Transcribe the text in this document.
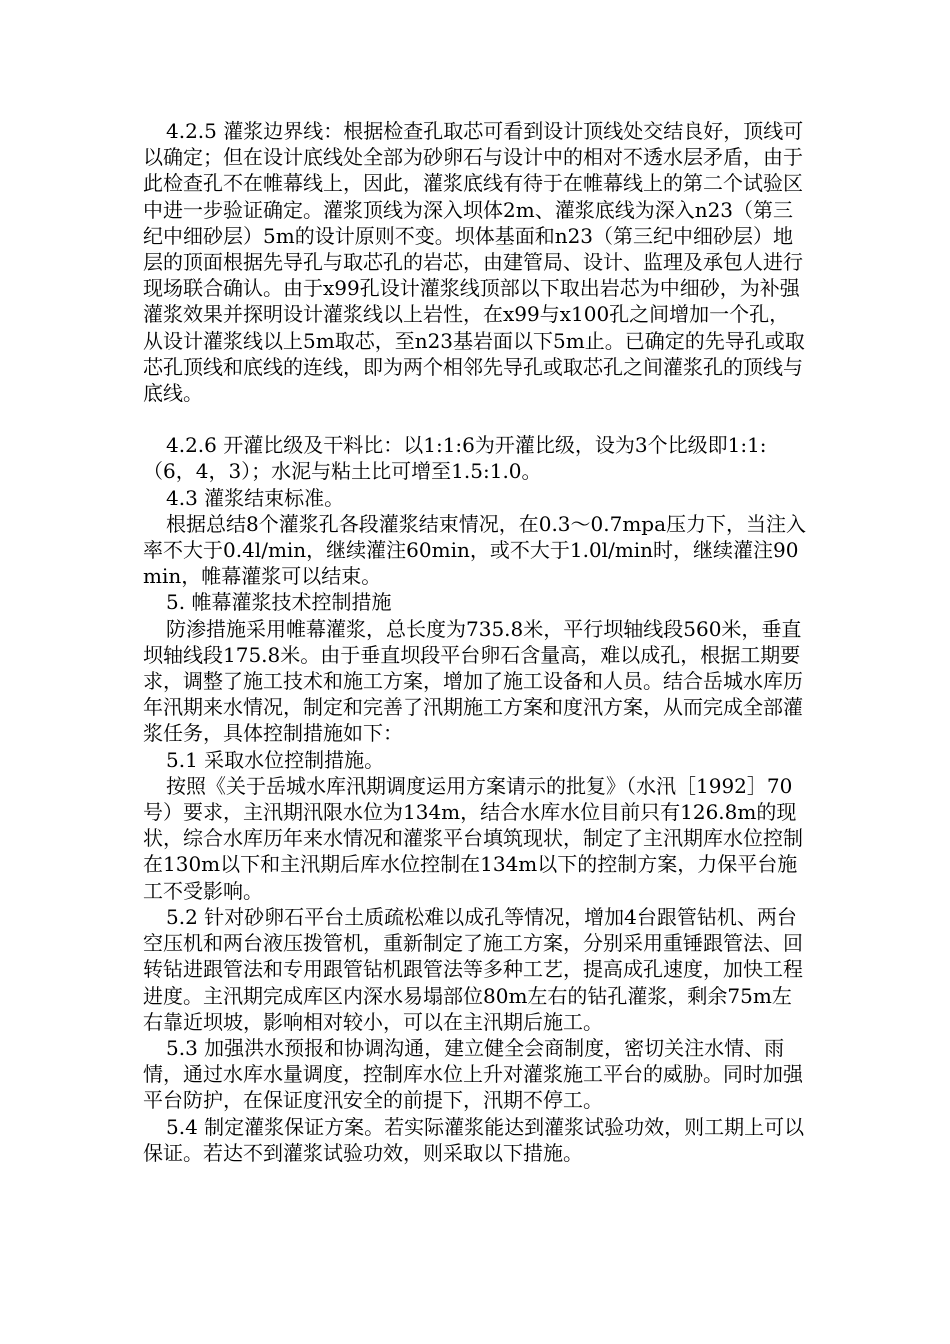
4.2.5 灌浆边界线：根据检查孔取芯可看到设计顶线处交结良好，顶线可以确定；但在设计底线处全部为砂卵石与设计中的相对不透水层矛盾，由于此检查孔不在帷幕线上，因此，灌浆底线有待于在帷幕线上的第二个试验区中进一步验证确定。灌浆顶线为深入坝体2m、灌浆底线为深入n23（第三纪中细砂层）5m的设计原则不变。坝体基面和n23（第三纪中细砂层）地层的顶面根据先导孔与取芯孔的岩芯，由建管局、设计、监理及承包人进行现场联合确认。由于x99孔设计灌浆线顶部以下取出岩芯为中细砂，为补强灌浆效果并探明设计灌浆线以上岩性，在x99与x100孔之间增加一个孔，从设计灌浆线以上5m取芯，至n23基岩面以下5m止。已确定的先导孔或取芯孔顶线和底线的连线，即为两个相邻先导孔或取芯孔之间灌浆孔的顶线与底线。

4.2.6 开灌比级及干料比：以1:1:6为开灌比级，设为3个比级即1:1:（6，4，3）；水泥与粘土比可增至1.5:1.0。

4.3 灌浆结束标准。

根据总结8个灌浆孔各段灌浆结束情况，在0.3～0.7mpa压力下，当注入率不大于0.4l/min，继续灌注60min，或不大于1.0l/min时，继续灌注90min，帷幕灌浆可以结束。

5. 帷幕灌浆技术控制措施

防渗措施采用帷幕灌浆，总长度为735.8米，平行坝轴线段560米，垂直坝轴线段175.8米。由于垂直坝段平台卵石含量高，难以成孔，根据工期要求，调整了施工技术和施工方案，增加了施工设备和人员。结合岳城水库历年汛期来水情况，制定和完善了汛期施工方案和度汛方案，从而完成全部灌浆任务，具体控制措施如下：

5.1 采取水位控制措施。

按照《关于岳城水库汛期调度运用方案请示的批复》（水汛［1992］70号）要求，主汛期汛限水位为134m，结合水库水位目前只有126.8m的现状，综合水库历年来水情况和灌浆平台填筑现状，制定了主汛期库水位控制在130m以下和主汛期后库水位控制在134m以下的控制方案，力保平台施工不受影响。

5.2 针对砂卵石平台土质疏松难以成孔等情况，增加4台跟管钻机、两台空压机和两台液压拨管机，重新制定了施工方案，分别采用重锤跟管法、回转钻进跟管法和专用跟管钻机跟管法等多种工艺，提高成孔速度，加快工程进度。主汛期完成库区内深水易塌部位80m左右的钻孔灌浆，剩余75m左右靠近坝坡，影响相对较小，可以在主汛期后施工。

5.3 加强洪水预报和协调沟通，建立健全会商制度，密切关注水情、雨情，通过水库水量调度，控制库水位上升对灌浆施工平台的威胁。同时加强平台防护，在保证度汛安全的前提下，汛期不停工。

5.4 制定灌浆保证方案。若实际灌浆能达到灌浆试验功效，则工期上可以保证。若达不到灌浆试验功效，则采取以下措施。
